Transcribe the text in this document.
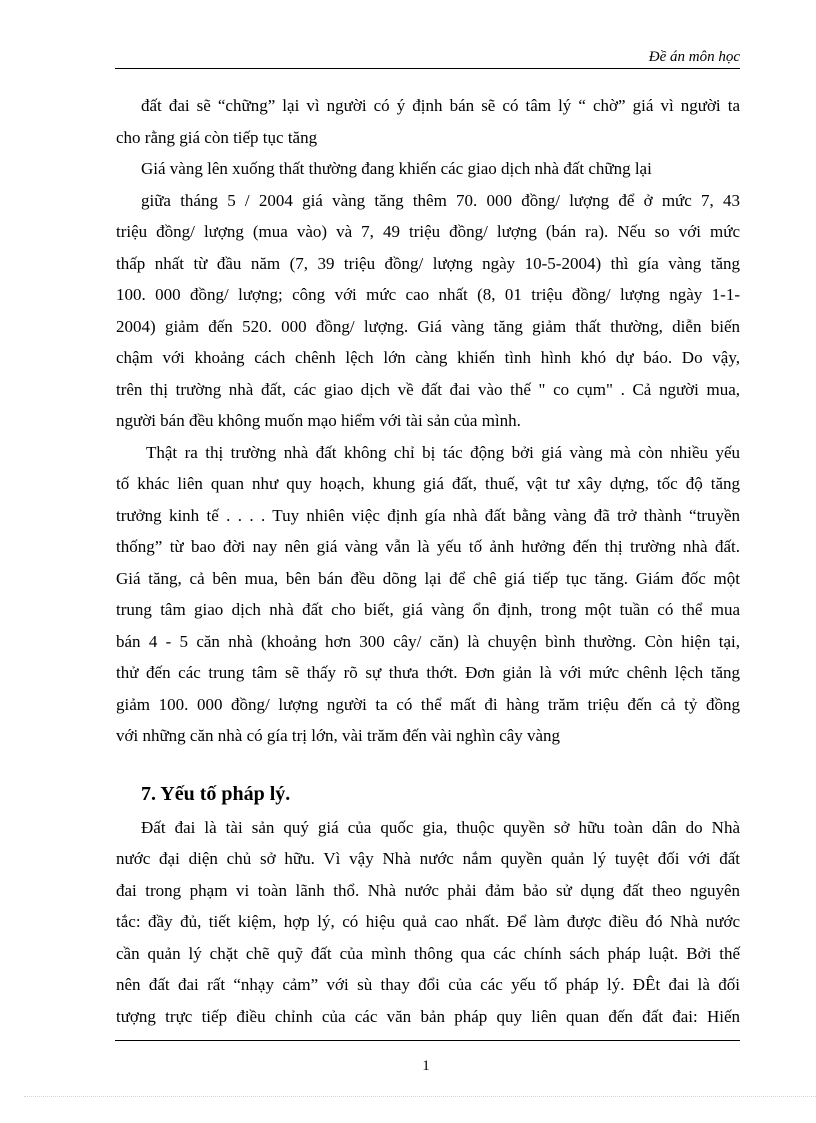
Đề án môn học
đất đai sẽ “chững” lại vì người có ý định bán sẽ có tâm lý “ chờ” giá vì người ta
cho rằng giá còn tiếp tục tăng
Giá vàng lên xuống thất thường đang khiến các giao dịch nhà đất chững lại
giữa tháng 5 / 2004 giá vàng tăng thêm 70. 000 đồng/ lượng để ở mức 7, 43
triệu đồng/ lượng (mua vào) và 7, 49 triệu đồng/ lượng (bán ra). Nếu so với mức
thấp nhất từ đầu năm (7, 39 triệu đồng/ lượng ngày 10-5-2004) thì gía vàng tăng
100. 000 đồng/ lượng; công với mức cao nhất (8, 01 triệu đồng/ lượng ngày 1-1-
2004) giảm đến 520. 000 đồng/ lượng. Giá vàng tăng giảm thất thường, diễn biến
chậm với khoảng cách chênh lệch lớn càng khiến tình hình khó dự báo. Do vậy,
trên thị trường nhà đất, các giao dịch về đất đai vào thế " co cụm" . Cả người mua,
người bán đều không muốn mạo hiểm với tài sản của mình.
Thật ra thị trường nhà đất không chỉ bị tác động bởi giá vàng mà còn nhiều yếu
tố khác liên quan như quy hoạch, khung giá đất, thuế, vật tư xây dựng, tốc độ tăng
trưởng kinh tế . . . . Tuy nhiên việc định gía nhà đất bằng vàng đã trở thành “truyền
thống” từ bao đời nay nên giá vàng vẫn là yếu tố ảnh hưởng đến thị trường nhà đất.
Giá tăng, cả bên mua, bên bán đều dõng lại để chê giá tiếp tục tăng. Giám đốc một
trung tâm giao dịch nhà đất cho biết, giá vàng ổn định, trong một tuần có thể mua
bán 4 - 5 căn nhà (khoảng hơn 300 cây/ căn) là chuyện bình thường. Còn hiện tại,
thử đến các trung tâm sẽ thấy rõ sự thưa thớt. Đơn giản là với mức chênh lệch tăng
giảm 100. 000 đồng/ lượng người ta có thể mất đi hàng trăm triệu đến cả tỷ đồng
với những căn nhà có gía trị lớn, vài trăm đến vài nghìn cây vàng
7. Yếu tố pháp lý.
Đất đai là tài sản quý giá của quốc gia, thuộc quyền sở hữu toàn dân do Nhà
nước đại diện chủ sở hữu. Vì vậy Nhà nước nắm quyền quản lý tuyệt đối với đất
đai trong phạm vi toàn lãnh thổ. Nhà nước phải đảm bảo sử dụng đất theo nguyên
tắc: đầy đủ, tiết kiệm, hợp lý, có hiệu quả cao nhất. Để làm được điều đó Nhà nước
cần quản lý chặt chẽ quỹ đất của mình thông qua các chính sách pháp luật. Bởi thế
nên đất đai rất “nhạy cảm” với sù thay đổi của các yếu tố pháp lý. ĐÊt đai là đối
tượng trực tiếp điều chỉnh của các văn bản pháp quy liên quan đến đất đai: Hiến
1
